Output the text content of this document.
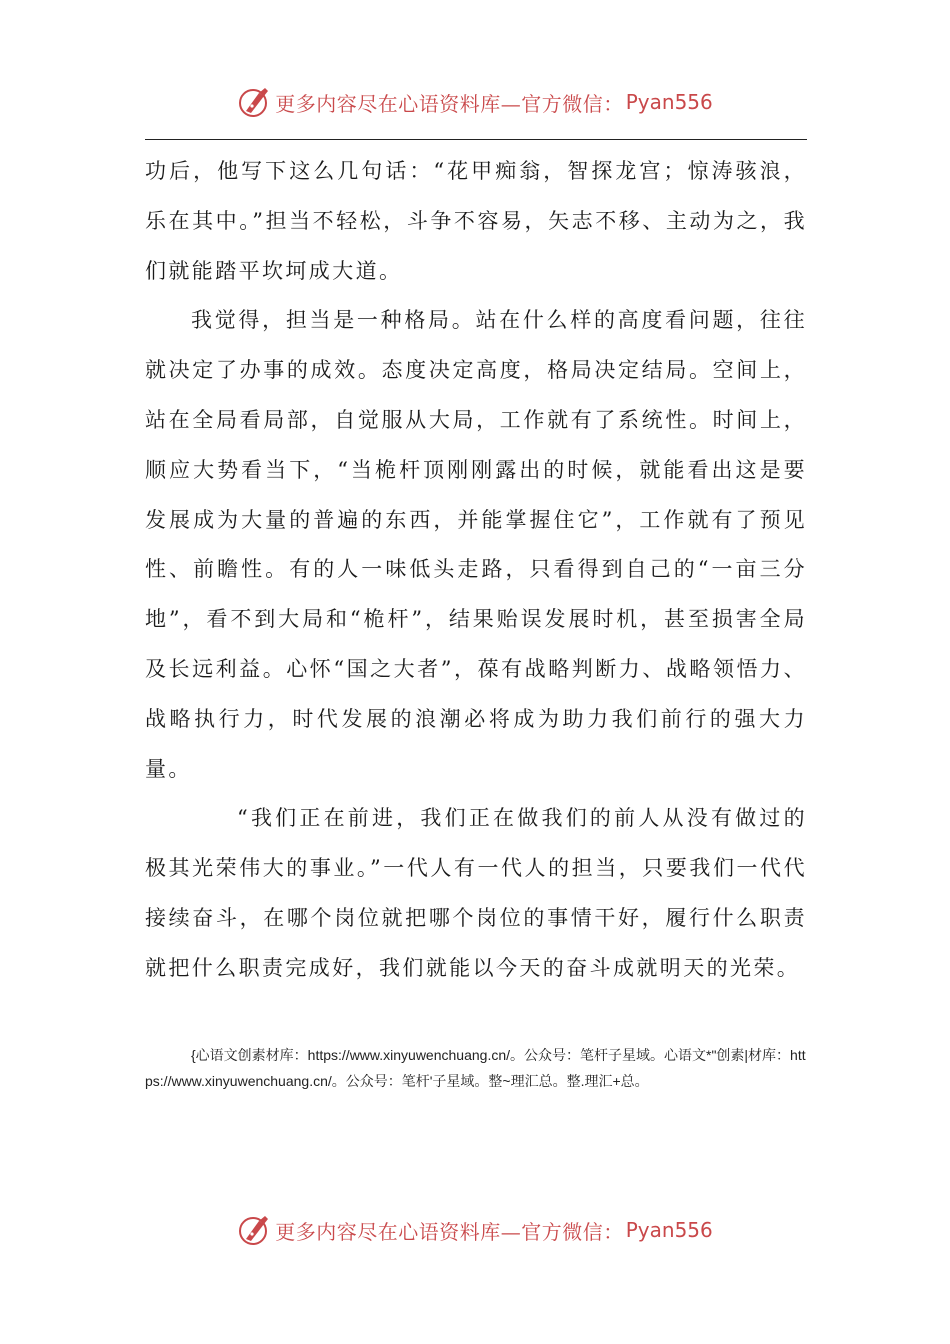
更多内容尽在心语资料库—官方微信： Pyan556

功后，他写下这么几句话：“花甲痴翁，智探龙宫；惊涛骇浪，乐在其中。”担当不轻松，斗争不容易，矢志不移、主动为之，我们就能踏平坎坷成大道。

我觉得，担当是一种格局。站在什么样的高度看问题，往往就决定了办事的成效。态度决定高度，格局决定结局。空间上，站在全局看局部，自觉服从大局，工作就有了系统性。时间上，顺应大势看当下，“当桅杆顶刚刚露出的时候，就能看出这是要发展成为大量的普遍的东西，并能掌握住它”，工作就有了预见性、前瞻性。有的人一味低头走路，只看得到自己的“一亩三分地”，看不到大局和“桅杆”，结果贻误发展时机，甚至损害全局及长远利益。心怀“国之大者”，葆有战略判断力、战略领悟力、战略执行力，时代发展的浪潮必将成为助力我们前行的强大力量。

“我们正在前进，我们正在做我们的前人从没有做过的极其光荣伟大的事业。”一代人有一代人的担当，只要我们一代代接续奋斗，在哪个岗位就把哪个岗位的事情干好，履行什么职责就把什么职责完成好，我们就能以今天的奋斗成就明天的光荣。

{心语文创素材库：https://www.xinyuwenchuang.cn/。公众号：笔杆子星域。心语文*"创素|材库：https://www.xinyuwenchuang.cn/。公众号：笔杆'子星域。整~理汇总。整.理汇+总。

更多内容尽在心语资料库—官方微信： Pyan556
